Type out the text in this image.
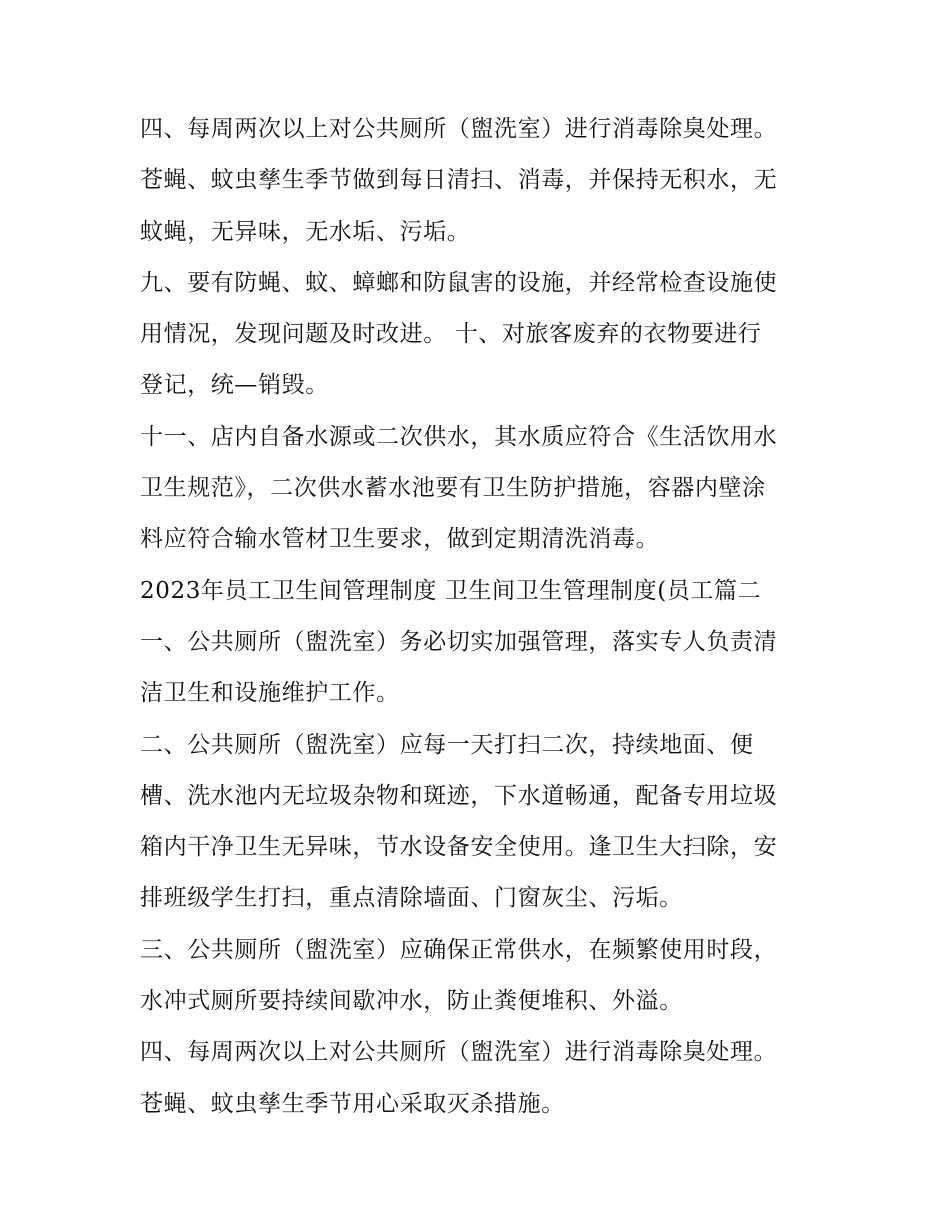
四、每周两次以上对公共厕所（盥洗室）进行消毒除臭处理。
苍蝇、蚊虫孳生季节做到每日清扫、消毒，并保持无积水，无
蚊蝇，无异味，无水垢、污垢。
九、要有防蝇、蚊、蟑螂和防鼠害的设施，并经常检查设施使
用情况，发现问题及时改进。 十、对旅客废弃的衣物要进行
登记，统—销毁。
十一、店内自备水源或二次供水，其水质应符合《生活饮用水
卫生规范》，二次供水蓄水池要有卫生防护措施，容器内壁涂
料应符合输水管材卫生要求，做到定期清洗消毒。
2023年员工卫生间管理制度 卫生间卫生管理制度(员工篇二
一、公共厕所（盥洗室）务必切实加强管理，落实专人负责清
洁卫生和设施维护工作。
二、公共厕所（盥洗室）应每一天打扫二次，持续地面、便
槽、洗水池内无垃圾杂物和斑迹，下水道畅通，配备专用垃圾
箱内干净卫生无异味，节水设备安全使用。逢卫生大扫除，安
排班级学生打扫，重点清除墙面、门窗灰尘、污垢。
三、公共厕所（盥洗室）应确保正常供水，在频繁使用时段，
水冲式厕所要持续间歇冲水，防止粪便堆积、外溢。
四、每周两次以上对公共厕所（盥洗室）进行消毒除臭处理。
苍蝇、蚊虫孳生季节用心采取灭杀措施。
